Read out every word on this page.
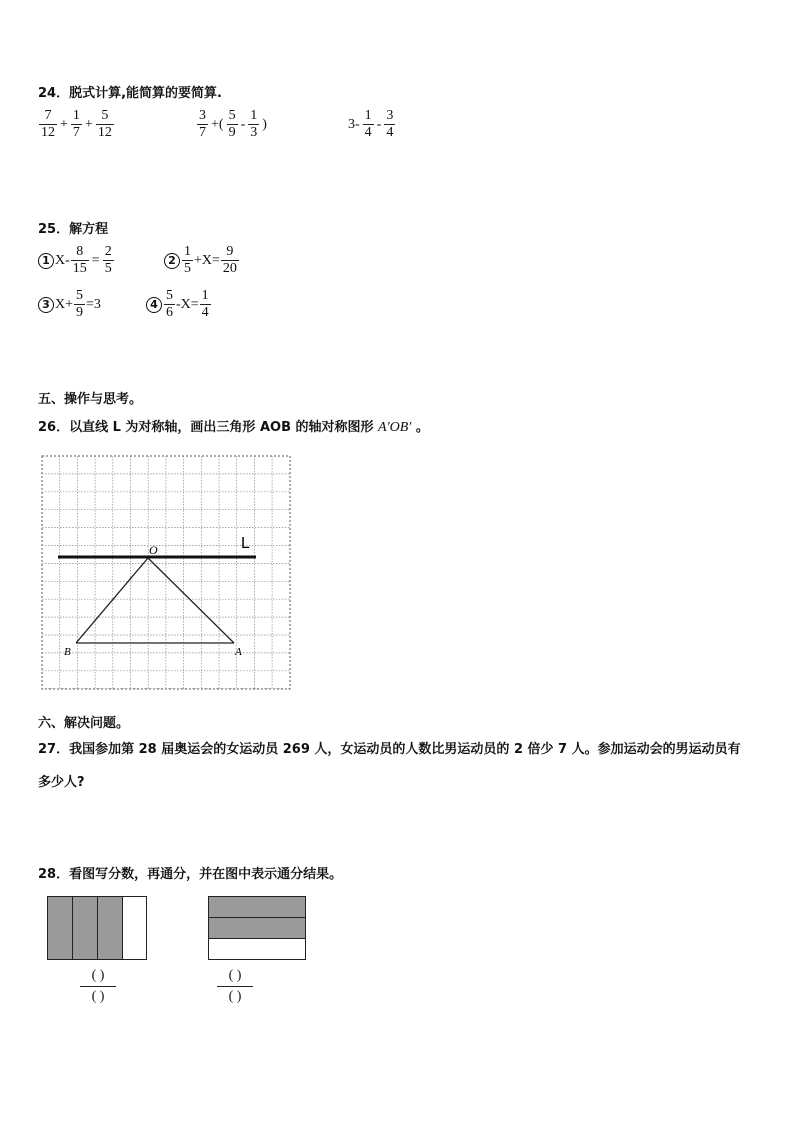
24．脱式计算,能简算的要简算.
$\frac{7}{12} + \frac{1}{7} + \frac{5}{12}$	$\frac{3}{7}$ +( $\frac{5}{9} - \frac{1}{3}$ )	$3- \frac{1}{4} - \frac{3}{4}$
25．解方程
1 $X- \frac{8}{15} = \frac{2}{5}$	$2 \frac{1}{5} +X= \frac{9}{20}$
3 $X+ \frac{5}{9} =3$	$4 \frac{5}{6} -X= \frac{1}{4}$
五、操作与思考。
26．以直线 L 为对称轴，画出三角形 AOB 的轴对称图形 A′OB′ 。
L
O
B	A
六、解决问题。
27．我国参加第 28 届奥运会的女运动员 269 人，女运动员的人数比男运动员的 2 倍少 7 人。参加运动会的男运动员有
多少人?
28．看图写分数，再通分，并在图中表示通分结果。
( )
( )
( )
( )
